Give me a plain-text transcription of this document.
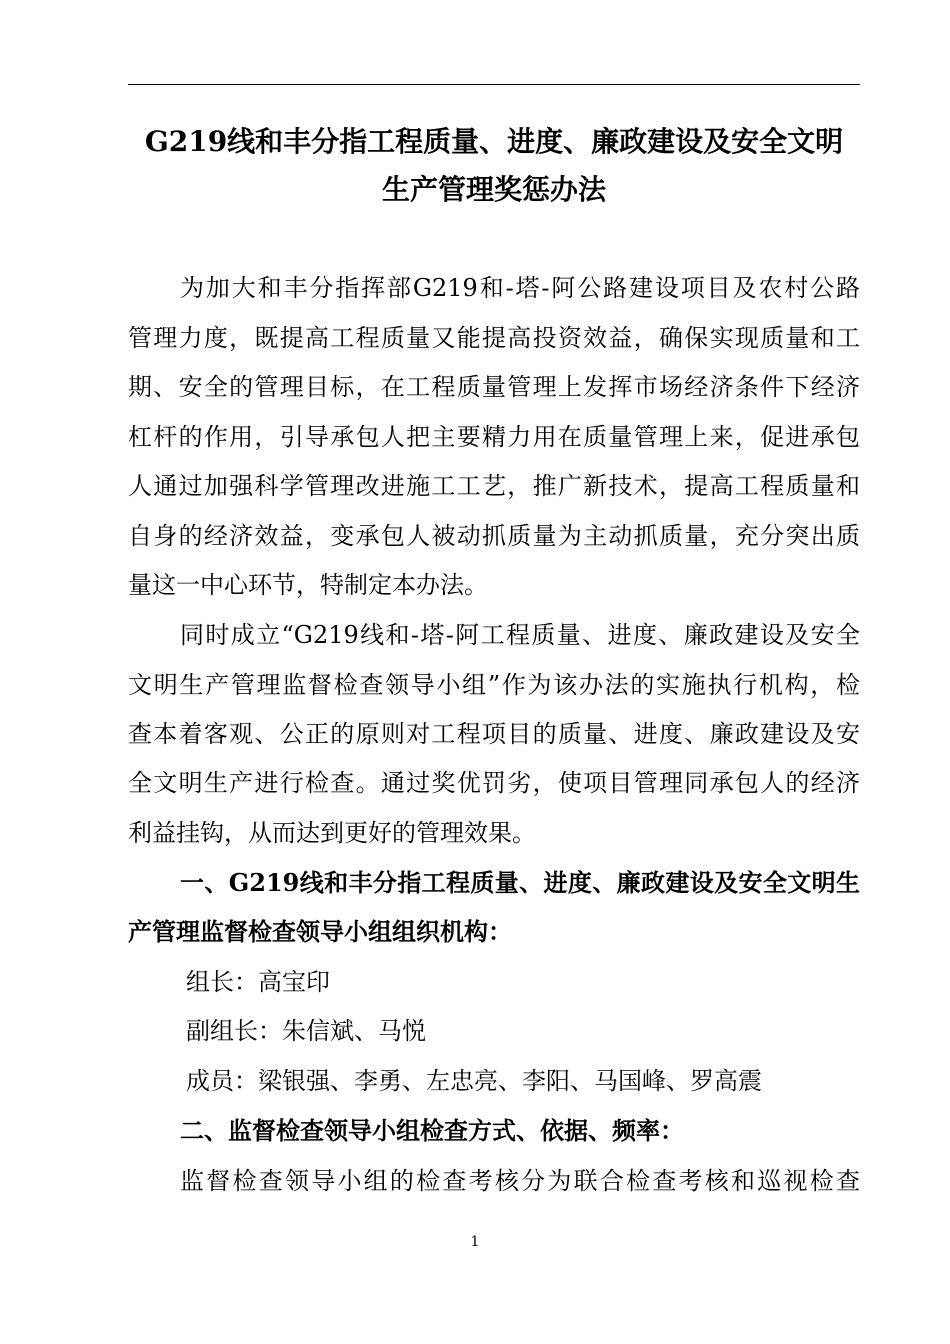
G219线和丰分指工程质量、进度、廉政建设及安全文明
生产管理奖惩办法
为加大和丰分指挥部G219和-塔-阿公路建设项目及农村公路
管理力度，既提高工程质量又能提高投资效益，确保实现质量和工
期、安全的管理目标，在工程质量管理上发挥市场经济条件下经济
杠杆的作用，引导承包人把主要精力用在质量管理上来，促进承包
人通过加强科学管理改进施工工艺，推广新技术，提高工程质量和
自身的经济效益，变承包人被动抓质量为主动抓质量，充分突出质
量这一中心环节，特制定本办法。
同时成立“G219线和-塔-阿工程质量、进度、廉政建设及安全
文明生产管理监督检查领导小组”作为该办法的实施执行机构，检
查本着客观、公正的原则对工程项目的质量、进度、廉政建设及安
全文明生产进行检查。通过奖优罚劣，使项目管理同承包人的经济
利益挂钩，从而达到更好的管理效果。
一、G219线和丰分指工程质量、进度、廉政建设及安全文明生
产管理监督检查领导小组组织机构：
组长：高宝印
副组长：朱信斌、马悦
成员：梁银强、李勇、左忠亮、李阳、马国峰、罗高震
二、监督检查领导小组检查方式、依据、频率：
监督检查领导小组的检查考核分为联合检查考核和巡视检查
1
